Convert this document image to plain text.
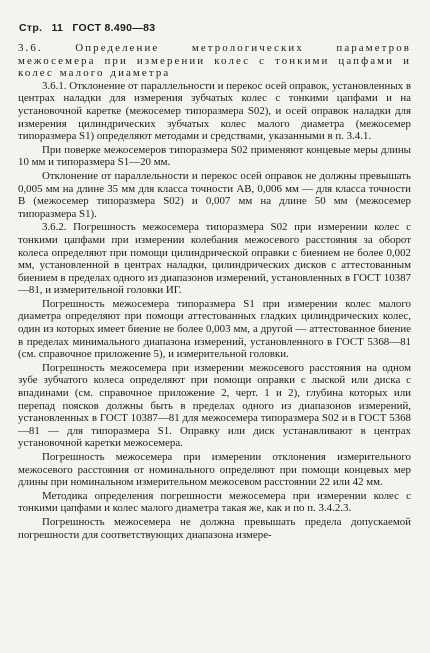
Стр. 11 ГОСТ 8.490—83
3.6. Определение метрологических параметров межосемера при измерении колес с тонкими цапфами и колес малого диаметра

3.6.1. Отклонение от параллельности и перекос осей оправок, установленных в центрах наладки для измерения зубчатых колес с тонкими цапфами и на установочной каретке (межосемер типоразмера S02), и осей оправок наладки для измерения цилиндрических зубчатых колес малого диаметра (межосемер типоразмера S1) определяют методами и средствами, указанными в п. 3.4.1.

При поверке межосемеров типоразмера S02 применяют концевые меры длины 10 мм и типоразмера S1—20 мм.

Отклонение от параллельности и перекос осей оправок не должны превышать 0,005 мм на длине 35 мм для класса точности АВ, 0,006 мм — для класса точности В (межосемер типоразмера S02) и 0,007 мм на длине 50 мм (межосемер типоразмера S1).

3.6.2. Погрешность межосемера типоразмера S02 при измерении колес с тонкими цапфами при измерении колебания межосевого расстояния за оборот колеса определяют при помощи цилиндрической оправки с биением не более 0,002 мм, установленной в центрах наладки, цилиндрических дисков с аттестованным биением в пределах одного из диапазонов измерений, установленных в ГОСТ 10387—81, и измерительной головки ИГ.

Погрешность межосемера типоразмера S1 при измерении колес малого диаметра определяют при помощи аттестованных гладких цилиндрических колес, один из которых имеет биение не более 0,003 мм, а другой — аттестованное биение в пределах минимального диапазона измерений, установленного в ГОСТ 5368—81 (см. справочное приложение 5), и измерительной головки.

Погрешность межосемера при измерении межосевого расстояния на одном зубе зубчатого колеса определяют при помощи оправки с лыской или диска с впадинами (см. справочное приложение 2, черт. 1 и 2), глубина которых или перепад поясков должны быть в пределах одного из диапазонов измерений, установленных в ГОСТ 10387—81 для межосемера типоразмера S02 и в ГОСТ 5368—81 — для типоразмера S1. Оправку или диск устанавливают в центрах установочной каретки межосемера.

Погрешность межосемера при измерении отклонения измерительного межосевого расстояния от номинального определяют при помощи концевых мер длины при номинальном измерительном межосевом расстоянии 22 или 42 мм.

Методика определения погрешности межосемера при измерении колес с тонкими цапфами и колес малого диаметра такая же, как и по п. 3.4.2.3.

Погрешность межосемера не должна превышать предела допускаемой погрешности для соответствующих диапазона измере-
